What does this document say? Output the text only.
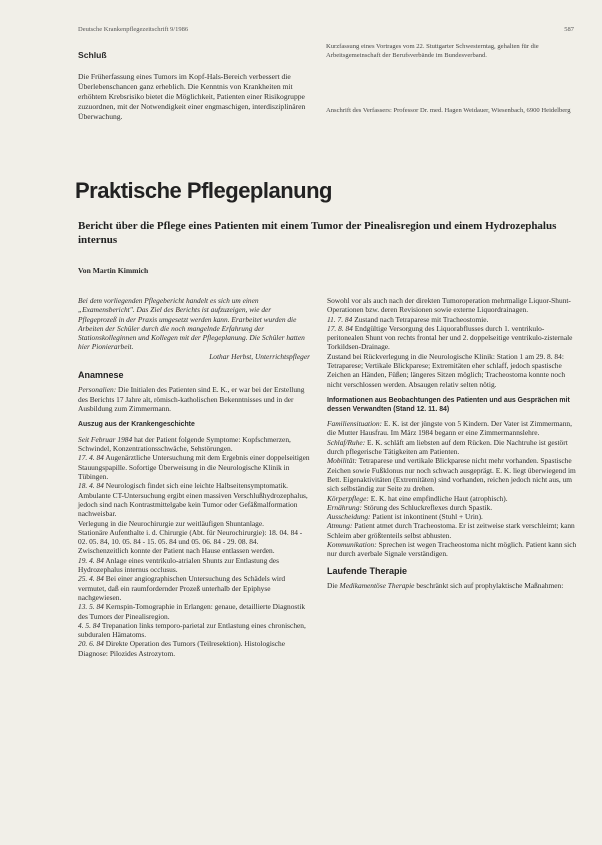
Deutsche Krankenpflegezeitschrift 9/1986	587
Schluß

Die Früherfassung eines Tumors im Kopf-Hals-Bereich verbessert die Überlebenschancen ganz erheblich. Die Kenntnis von Krankheiten mit erhöhtem Krebsrisiko bietet die Möglichkeit, Patienten einer Risikogruppe zuzuordnen, mit der Notwendigkeit einer engmaschigen, interdisziplinären Überwachung.

Kurzfassung eines Vortrages vom 22. Stuttgarter Schwesterntag, gehalten für die Arbeitsgemeinschaft der Berufsverbände im Bundesverband.

Anschrift des Verfassers: Professor Dr. med. Hagen Weidauer, Wiesenbach, 6900 Heidelberg

Praktische Pflegeplanung
Bericht über die Pflege eines Patienten mit einem Tumor der Pinealisregion und einem Hydrozephalus internus
Von Martin Kimmich

Bei dem vorliegenden Pflegebericht handelt es sich um einen „Examensbericht". Das Ziel des Berichts ist aufzuzeigen, wie der Pflegeprozeß in der Praxis umgesetzt werden kann. Erarbeitet wurden die Arbeiten der Schüler durch die noch mangelnde Erfahrung der Stationskolleginnen und Kollegen mit der Pflegeplanung. Die Schüler hatten hier Pionierarbeit.

Lothar Herbst, Unterrichtspfleger

Anamnese

Personalien: Die Initialen des Patienten sind E. K., er war bei der Erstellung des Berichts 17 Jahre alt, römisch-katholischen Bekenntnisses und in der Ausbildung zum Zimmermann.

Auszug aus der Krankengeschichte

Seit Februar 1984 hat der Patient folgende Symptome: Kopfschmerzen, Schwindel, Konzentrationsschwäche, Sehstörungen.

17. 4. 84 Augenärztliche Untersuchung mit dem Ergebnis einer doppelseitigen Stauungspapille. Sofortige Überweisung in die Neurologische Klinik in Tübingen.

18. 4. 84 Neurologisch findet sich eine leichte Halbseitensymptomatik. Ambulante CT-Untersuchung ergibt einen massiven Verschlußhydrozephalus, jedoch sind nach Kontrastmittelgabe kein Tumor oder Gefäßmalformation nachweisbar.

Verlegung in die Neurochirurgie zur weitläufigen Shuntanlage.

Stationäre Aufenthalte i. d. Chirurgie (Abt. für Neurochirurgie): 18. 04. 84 - 02. 05. 84, 10. 05. 84 - 15. 05. 84 und 05. 06. 84 - 29. 08. 84. Zwischenzeitlich konnte der Patient nach Hause entlassen werden.

19. 4. 84 Anlage eines ventrikulo-atrialen Shunts zur Entlastung des Hydrozephalus internus occlusus.

25. 4. 84 Bei einer angiographischen Untersuchung des Schädels wird vermutet, daß ein raumfordernder Prozeß unterhalb der Epiphyse nachgewiesen.

13. 5. 84 Kernspin-Tomographie in Erlangen: genaue, detaillierte Diagnostik des Tumors der Pinealisregion.

4. 5. 84 Trepanation links temporo-parietal zur Entlastung eines chronischen, subduralen Hämatoms.

20. 6. 84 Direkte Operation des Tumors (Teilresektion). Histologische Diagnose: Pilozides Astrozytom.

Sowohl vor als auch nach der direkten Tumoroperation mehrmalige Liquor-Shunt-Operationen bzw. deren Revisionen sowie externe Liquordrainagen.

11. 7. 84 Zustand nach Tetraparese mit Tracheostomie.

17. 8. 84 Endgültige Versorgung des Liquorabflusses durch 1. ventrikulo-peritonealen Shunt von rechts frontal her und 2. doppelseitige ventrikulo-zisternale Torkildsen-Drainage.

Zustand bei Rückverlegung in die Neurologische Klinik: Station 1 am 29. 8. 84: Tetraparese; Vertikale Blickparese; Extremitäten eher schlaff, jedoch spastische Zeichen an Händen, Füßen; längeres Sitzen möglich; Tracheostoma konnte noch nicht verschlossen werden. Absaugen relativ selten nötig.

Informationen aus Beobachtungen des Patienten und aus Gesprächen mit dessen Verwandten (Stand 12. 11. 84)

Familiensituation: E. K. ist der jüngste von 5 Kindern. Der Vater ist Zimmermann, die Mutter Hausfrau. Im März 1984 begann er eine Zimmermannslehre.

Schlaf/Ruhe: E. K. schläft am liebsten auf dem Rücken. Die Nachtruhe ist gestört durch pflegerische Tätigkeiten am Patienten.

Mobilität: Tetraparese und vertikale Blickparese nicht mehr vorhanden. Spastische Zeichen sowie Fußklonus nur noch schwach ausgeprägt. E. K. liegt überwiegend im Bett. Eigenaktivitäten (Extremitäten) sind vorhanden, reichen jedoch nicht aus, um sich selbständig zur Seite zu drehen.

Körperpflege: E. K. hat eine empfindliche Haut (atrophisch).

Ernährung: Störung des Schluckreflexes durch Spastik.

Ausscheidung: Patient ist inkontinent (Stuhl + Urin).

Atmung: Patient atmet durch Tracheostoma. Er ist zeitweise stark verschleimt; kann Schleim aber größtenteils selbst abhusten.

Kommunikation: Sprechen ist wegen Tracheostoma nicht möglich. Patient kann sich nur durch averbale Signale verständigen.

Laufende Therapie

Die Medikamentöse Therapie beschränkt sich auf prophylaktische Maßnahmen:
